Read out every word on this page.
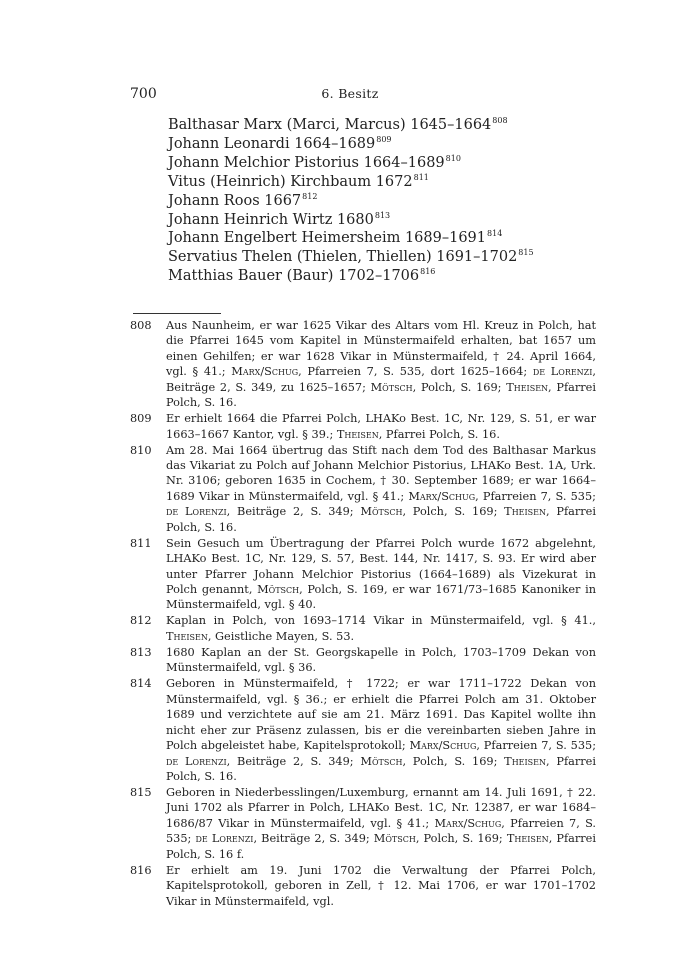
700	6. Besitz
Balthasar Marx (Marci, Marcus) 1645–1664$^{808}$
Johann Leonardi 1664–1689$^{809}$
Johann Melchior Pistorius 1664–1689$^{810}$
Vitus (Heinrich) Kirchbaum 1672$^{811}$
Johann Roos 1667$^{812}$
Johann Heinrich Wirtz 1680$^{813}$
Johann Engelbert Heimersheim 1689–1691$^{814}$
Servatius Thelen (Thielen, Thiellen) 1691–1702$^{815}$
Matthias Bauer (Baur) 1702–1706$^{816}$
808	Aus Naunheim, er war 1625 Vikar des Altars vom Hl. Kreuz in Polch, hat die Pfarrei 1645 vom Kapitel in Münstermaifeld erhalten, bat 1657 um einen Gehilfen; er war 1628 Vikar in Münstermaifeld, † 24. April 1664, vgl. § 41.; Marx/Schug, Pfarreien 7, S. 535, dort 1625–1664; de Lorenzi, Beiträge 2, S. 349, zu 1625–1657; Mötsch, Polch, S. 169; Theisen, Pfarrei Polch, S. 16.
809	Er erhielt 1664 die Pfarrei Polch, LHAKo Best. 1C, Nr. 129, S. 51, er war 1663–1667 Kantor, vgl. § 39.; Theisen, Pfarrei Polch, S. 16.
810	Am 28. Mai 1664 übertrug das Stift nach dem Tod des Balthasar Markus das Vikariat zu Polch auf Johann Melchior Pistorius, LHAKo Best. 1A, Urk. Nr. 3106; geboren 1635 in Cochem, † 30. September 1689; er war 1664–1689 Vikar in Münstermaifeld, vgl. § 41.; Marx/Schug, Pfarreien 7, S. 535; de Lorenzi, Beiträge 2, S. 349; Mötsch, Polch, S. 169; Theisen, Pfarrei Polch, S. 16.
811	Sein Gesuch um Übertragung der Pfarrei Polch wurde 1672 abgelehnt, LHAKo Best. 1C, Nr. 129, S. 57, Best. 144, Nr. 1417, S. 93. Er wird aber unter Pfarrer Johann Melchior Pistorius (1664–1689) als Vizekurat in Polch genannt, Mötsch, Polch, S. 169, er war 1671/73–1685 Kanoniker in Münstermaifeld, vgl. § 40.
812	Kaplan in Polch, von 1693–1714 Vikar in Münstermaifeld, vgl. § 41., Theisen, Geistliche Mayen, S. 53.
813	1680 Kaplan an der St. Georgskapelle in Polch, 1703–1709 Dekan von Münstermaifeld, vgl. § 36.
814	Geboren in Münstermaifeld, † 1722; er war 1711–1722 Dekan von Münstermaifeld, vgl. § 36.; er erhielt die Pfarrei Polch am 31. Oktober 1689 und verzichtete auf sie am 21. März 1691. Das Kapitel wollte ihn nicht eher zur Präsenz zulassen, bis er die vereinbarten sieben Jahre in Polch abgeleistet habe, Kapitelsprotokoll; Marx/Schug, Pfarreien 7, S. 535; de Lorenzi, Beiträge 2, S. 349; Mötsch, Polch, S. 169; Theisen, Pfarrei Polch, S. 16.
815	Geboren in Niederbesslingen/Luxemburg, ernannt am 14. Juli 1691, † 22. Juni 1702 als Pfarrer in Polch, LHAKo Best. 1C, Nr. 12387, er war 1684–1686/87 Vikar in Münstermaifeld, vgl. § 41.; Marx/Schug, Pfarreien 7, S. 535; de Lorenzi, Beiträge 2, S. 349; Mötsch, Polch, S. 169; Theisen, Pfarrei Polch, S. 16 f.
816	Er erhielt am 19. Juni 1702 die Verwaltung der Pfarrei Polch, Kapitelsprotokoll, geboren in Zell, † 12. Mai 1706, er war 1701–1702 Vikar in Münstermaifeld, vgl.
